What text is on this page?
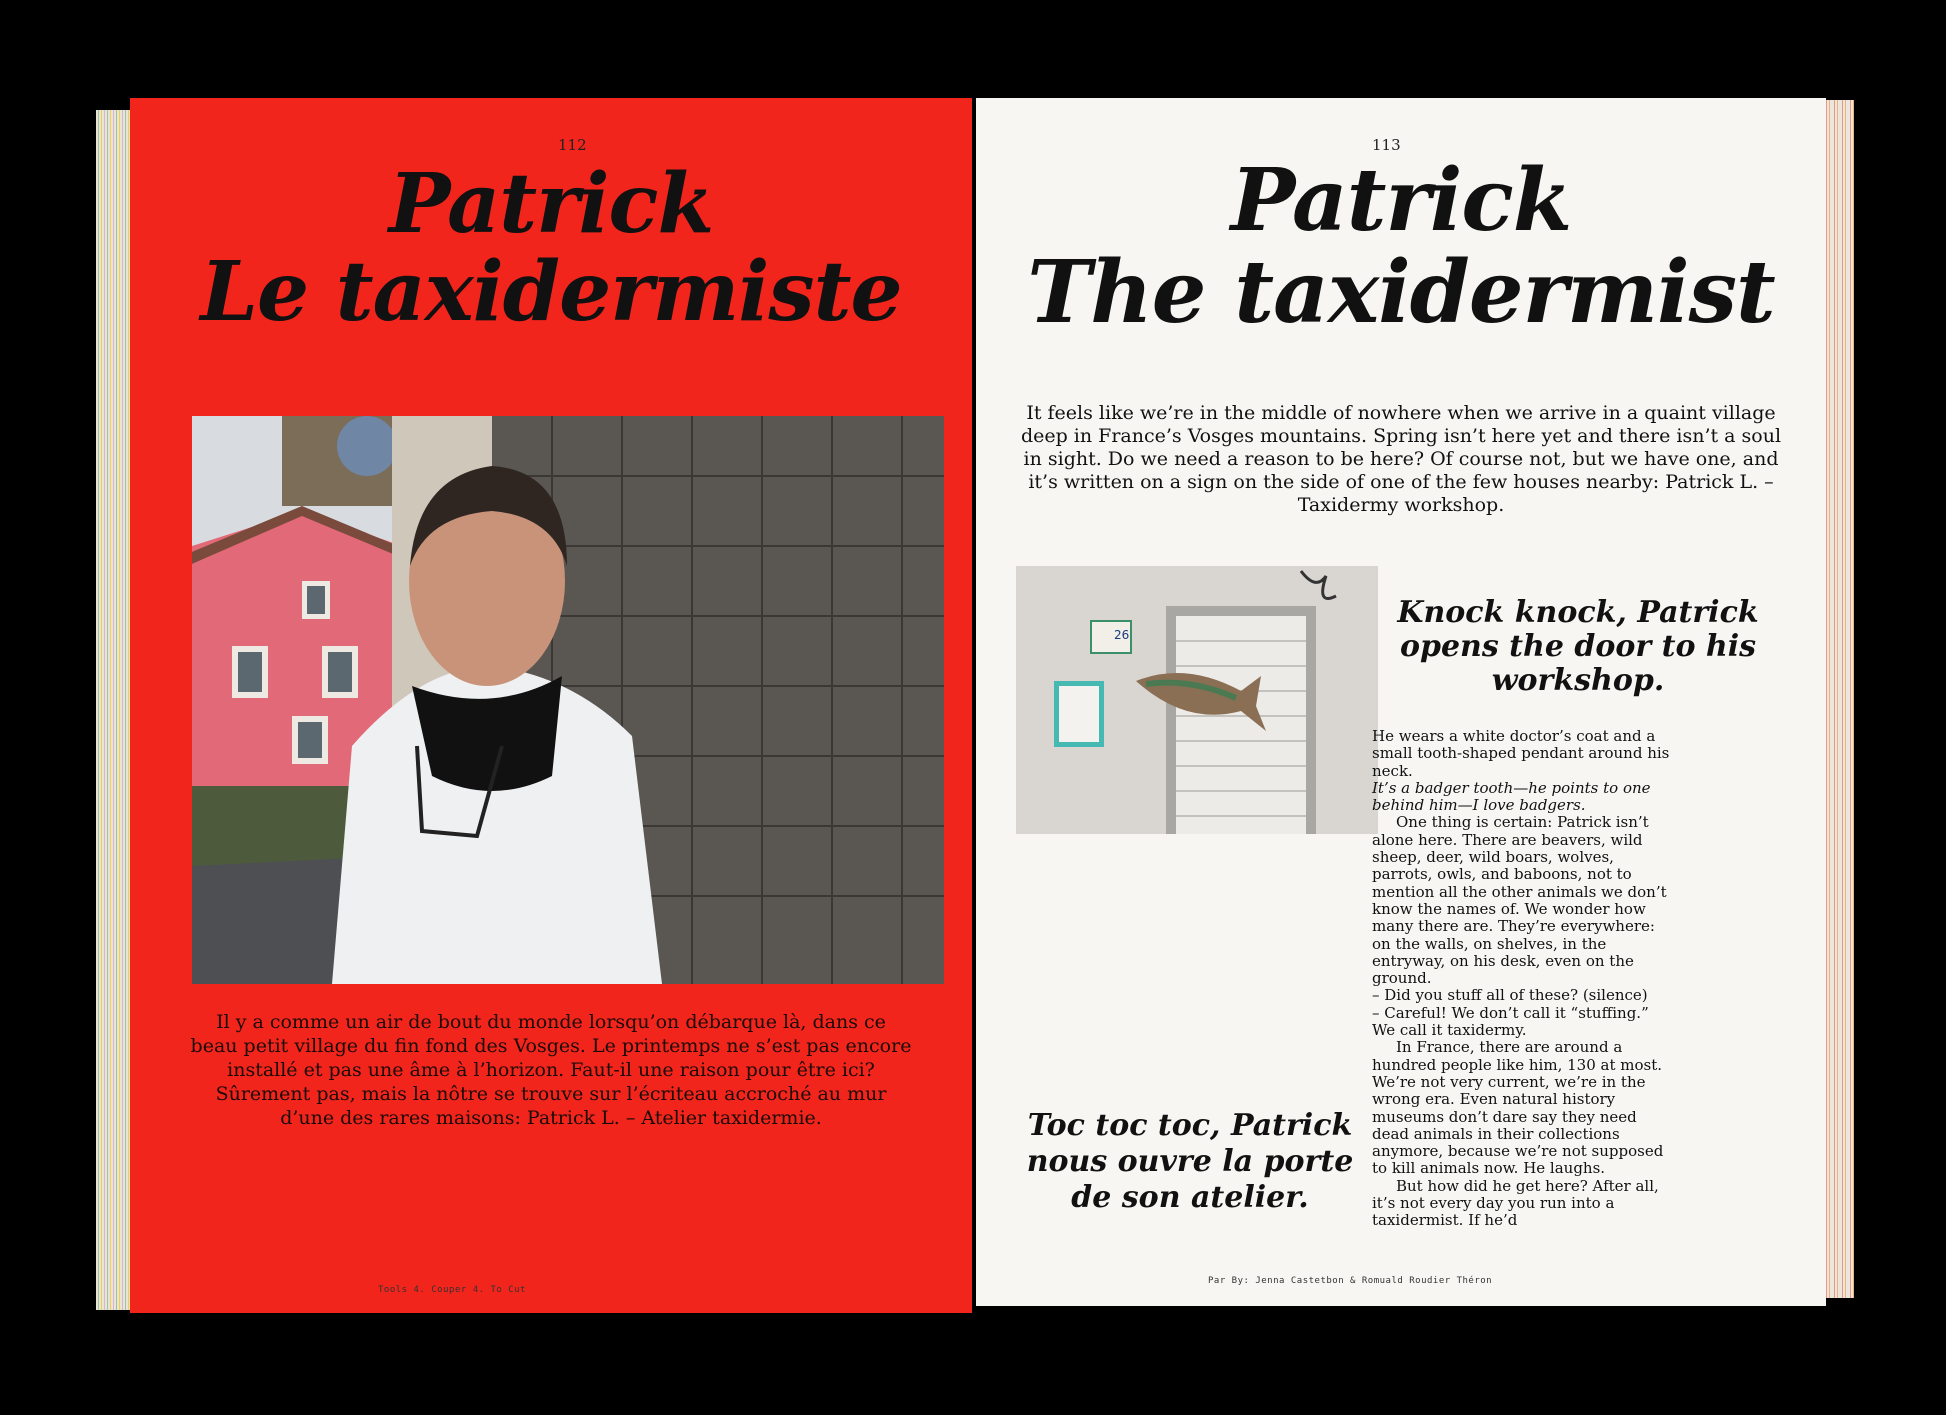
112
Patrick
Le taxidermiste
Il y a comme un air de bout du monde lorsqu’on débarque là, dans ce beau petit village du fin fond des Vosges. Le printemps ne s’est pas encore installé et pas une âme à l’horizon. Faut-il une raison pour être ici? Sûrement pas, mais la nôtre se trouve sur l’écriteau accroché au mur d’une des rares maisons: Patrick L. – Atelier taxidermie.
Tools 4. Couper 4. To Cut
113
Patrick
The taxidermist
It feels like we’re in the middle of nowhere when we arrive in a quaint village deep in France’s Vosges mountains. Spring isn’t here yet and there isn’t a soul in sight. Do we need a reason to be here? Of course not, but we have one, and it’s written on a sign on the side of one of the few houses nearby: Patrick L. – Taxidermy workshop.
26
Knock knock, Patrick opens the door to his workshop.

He wears a white doctor’s coat and a small tooth-shaped pendant around his neck.

It’s a badger tooth—he points to one behind him—I love badgers.

One thing is certain: Patrick isn’t alone here. There are beavers, wild sheep, deer, wild boars, wolves, parrots, owls, and baboons, not to mention all the other animals we don’t know the names of. We wonder how many there are. They’re everywhere: on the walls, on shelves, in the entryway, on his desk, even on the ground.

– Did you stuff all of these? (silence)

– Careful! We don’t call it “stuffing.” We call it taxidermy.

In France, there are around a hundred people like him, 130 at most. We’re not very current, we’re in the wrong era. Even natural history museums don’t dare say they need dead animals in their collections anymore, because we’re not supposed to kill animals now. He laughs.

But how did he get here? After all, it’s not every day you run into a taxidermist. If he’d

Par By: Jenna Castetbon & Romuald Roudier Théron
Toc toc toc, Patrick nous ouvre la porte de son atelier.
